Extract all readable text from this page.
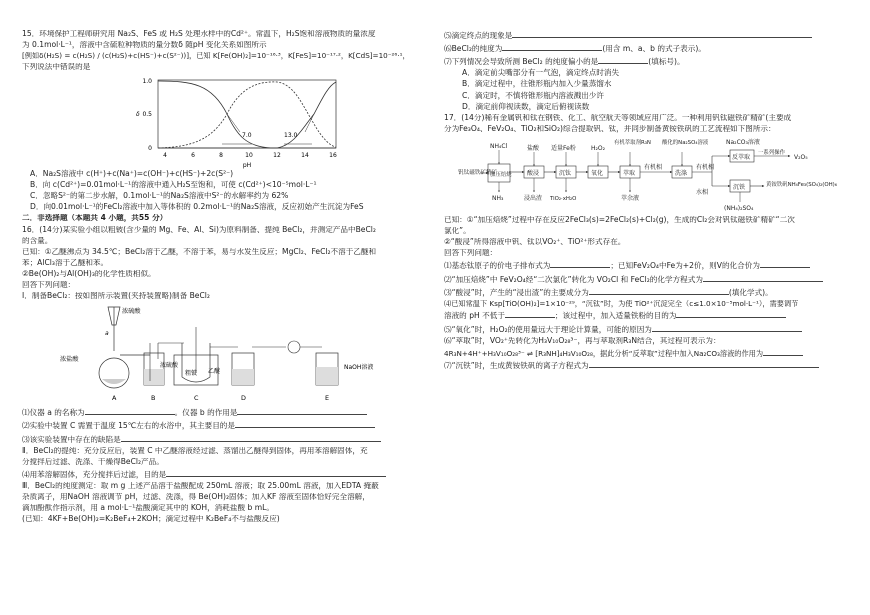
15．环境保护工程师研究用 Na₂S、FeS 或 H₂S 处理水样中的Cd²⁺。常温下，H₂S饱和溶液物质的量浓度
为 0.1mol·L⁻¹，溶液中含硫粒种物质的量分数δ 随pH 变化关系如图所示
[例如δ(H₂S) = c(H₂S) / (c(H₂S)+c(HS⁻)+c(S²⁻))]，已知 K[Fe(OH)₂]=10⁻¹⁶·³，K[FeS]=10⁻¹⁷·²，K[CdS]=10⁻²⁶·¹，
下列说法中错误的是
1.0
0.5
0
δ
4	6	8	10	12	14	16
pH
7.0	13.0
A．Na₂S溶液中 c(H⁺)+c(Na⁺)=c(OH⁻)+c(HS⁻)+2c(S²⁻)
B．向 c(Cd²⁺)=0.01mol·L⁻¹的溶液中通入H₂S至饱和，可使 c(Cd²⁺)<10⁻⁵mol·L⁻¹
C．忽略S²⁻的第二步水解，0.1mol·L⁻¹的Na₂S溶液中S²⁻的水解率约为 62%
D．向0.01mol·L⁻¹的FeCl₂溶液中加入等体积的 0.2mol·L⁻¹的Na₂S溶液，反应初始产生沉淀为FeS
二．非选择题（本题共 4 小题，共55 分）
16．(14分)某实验小组以粗铍(含少量的 Mg、Fe、Al、Si)为原料制备、提纯 BeCl₂，并测定产品中BeCl₂
的含量。
已知：①乙醚沸点为 34.5℃；BeCl₂溶于乙醚，不溶于苯，易与水发生反应；MgCl₂、FeCl₂不溶于乙醚和
苯；AlCl₃溶于乙醚和苯。
②Be(OH)₂与Al(OH)₃的化学性质相似。
回答下列问题：
Ⅰ．制备BeCl₂：按如图所示装置(夹持装置略)制备 BeCl₂
浓硫酸
浓盐酸
a
粗铍 乙醚
浓硫酸	NaOH溶液
A	B	C	D	E
⑴仪器 a 的名称为	。仪器 b 的作用是
⑵实验中装置 C 需置于温度 15℃左右的水浴中，其主要目的是
⑶该实验装置中存在的缺陷是
Ⅱ．BeCl₂的提纯：充分反应后，装置 C 中乙醚溶液经过滤、蒸馏出乙醚得到固体，再用苯溶解固体，充
分搅拌后过滤、洗涤、干燥得BeCl₂产品。
⑷用苯溶解固体，充分搅拌后过滤，目的是
Ⅲ．BeCl₂的纯度测定：取 m g 上述产品溶于盐酸配成 250mL 溶液；取 25.00mL 溶液，加入EDTA 掩蔽
杂质离子，用NaOH 溶液调节 pH，过滤、洗涤，得 Be(OH)₂固体；加入KF 溶液至固体恰好完全溶解，
滴加酚酞作指示剂，用 a mol·L⁻¹盐酸滴定其中的 KOH，消耗盐酸 b mL。
(已知：4KF+Be(OH)₂=K₂BeF₄+2KOH；滴定过程中 K₂BeF₄不与盐酸反应)
⑸滴定终点的现象是
⑹BeCl₂的纯度为	(用含 m、a、b 的式子表示)。
⑺下列情况会导致所测 BeCl₂ 的纯度偏小的是	(填标号)。
A．滴定前尖嘴部分有一气泡，滴定终点时消失
B．滴定过程中，往锥形瓶内加入少量蒸馏水
C．滴定时，不慎将锥形瓶内溶液溅出少许
D．滴定前仰视读数，滴定后俯视读数
17．(14分)稀有金属钒和钛在钢铁、化工、航空航天等领域应用广泛。一种利用钒钛磁铁矿精矿(主要成
分为Fe₃O₄、FeV₂O₄、TiO₂和SiO₂)综合提取钒、钛，并同步制备黄铵铁矾的工艺流程如下图所示：
钒钛磁铁矿精矿
加压焙烧	酸浸	沉钛	氧化	萃取	洗涤
反萃取
沉铁
NH₄Cl
NH₃
盐酸
浸出渣
适量Fe粉
TiO₂·xH₂O
H₂O₂
有机萃取剂R₃N
萃余液
酸化的Na₂SO₄溶液
有机相
Na₂CO₃溶液
水相
(NH₄)₂SO₄
一系列操作
V₂O₅
黄铵铁矾NH₄Fe₃(SO₄)₂(OH)₆
有机相
已知：①“加压焙烧”过程中存在反应2FeCl₃(s)=2FeCl₂(s)+Cl₂(g)，生成的Cl₂会对钒钛磁铁矿精矿“二次
氯化”。
②“酸浸”所得溶液中钒、钛以VO₂⁺、TiO²⁺形式存在。
回答下列问题：
⑴基态钛原子的价电子排布式为	；已知FeV₂O₄中Fe为+2价，则V的化合价为
⑵“加压焙烧”中 FeV₂O₄经“二次氯化”转化为 VO₂Cl 和 FeCl₂的化学方程式为
⑶“酸浸”时，产生的“浸出渣”的主要成分为	(填化学式)。
⑷已知常温下 Ksp[TiO(OH)₂]=1×10⁻²⁹，“沉钛”时，为使 TiO²⁺沉淀完全（c≤1.0×10⁻⁵mol·L⁻¹），需要调节
溶液的 pH 不低于	；该过程中，加入适量铁粉的目的为
⑸“氧化”时，H₂O₂的使用量远大于理论计算量，可能的原因为
⑹“萃取”时，VO₂⁺先转化为H₃V₁₀O₂₈³⁻，再与萃取剂R₃N结合，其过程可表示为：
4R₃N+4H⁺+H₃V₁₀O₂₈³⁻ ⇌ [R₃NH]₄H₃V₁₀O₂₈，据此分析“反萃取”过程中加入Na₂CO₃溶液的作用为
⑺“沉铁”时，生成黄铵铁矾的离子方程式为
